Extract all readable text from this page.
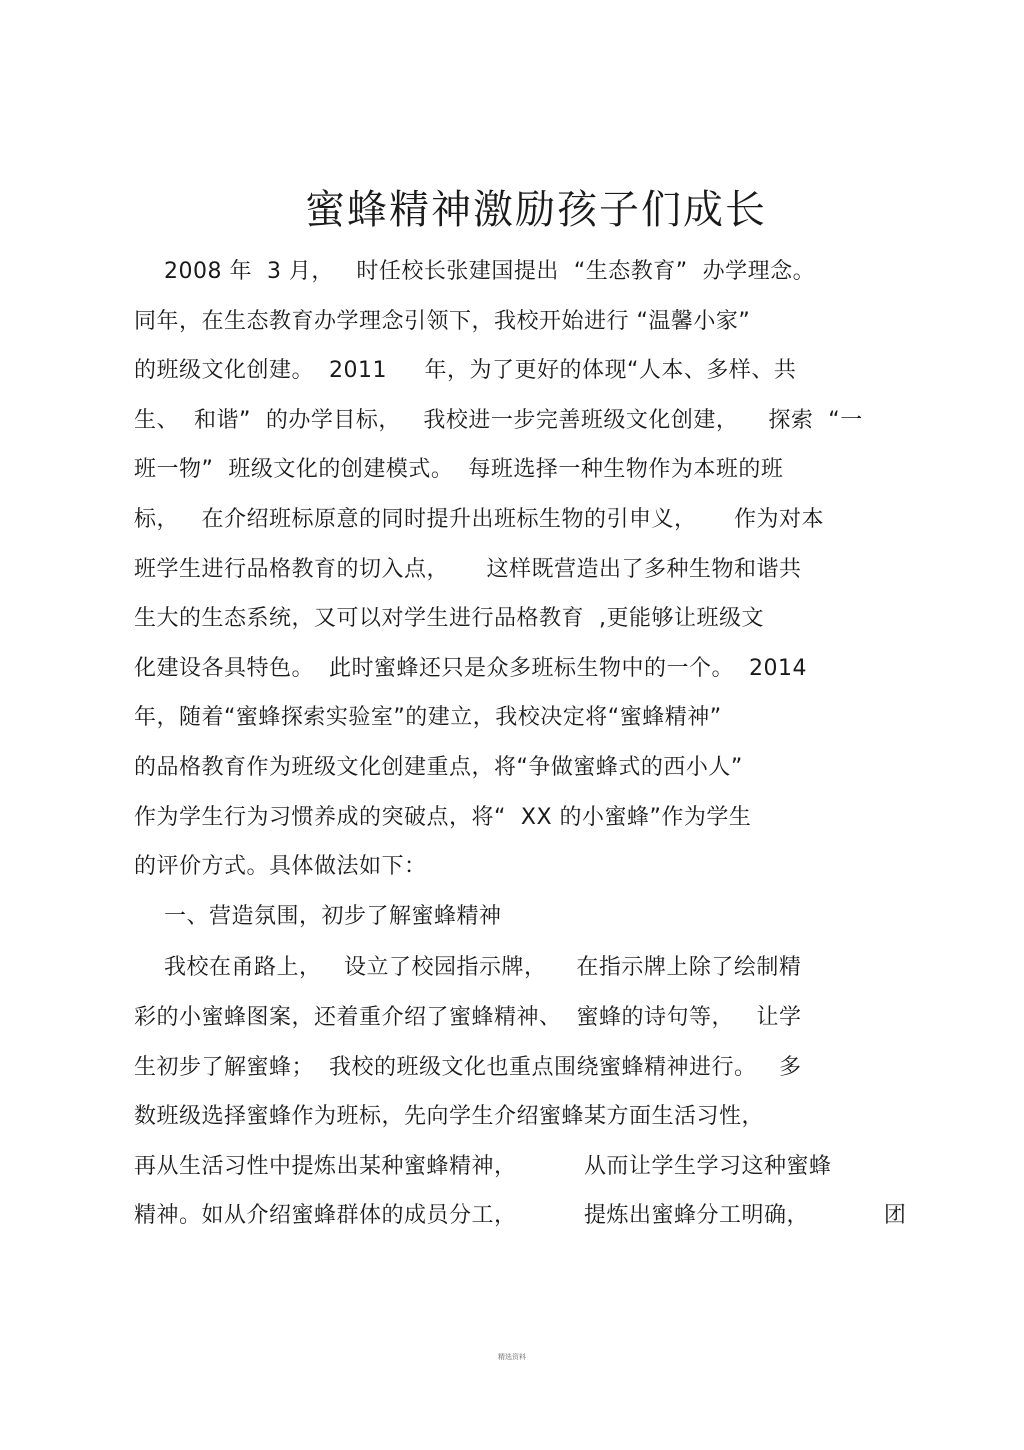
蜜蜂精神激励孩子们成长
2008 年  3 月，   时任校长张建国提出  “生态教育”  办学理念。
同年，在生态教育办学理念引领下，我校开始进行 “温馨小家”
的班级文化创建。  2011     年，为了更好的体现“人本、多样、共
生、  和谐”  的办学目标，   我校进一步完善班级文化创建，    探索  “一
班一物”  班级文化的创建模式。  每班选择一种生物作为本班的班
标，   在介绍班标原意的同时提升出班标生物的引申义，     作为对本
班学生进行品格教育的切入点，     这样既营造出了多种生物和谐共
生大的生态系统，又可以对学生进行品格教育  ,更能够让班级文
化建设各具特色。  此时蜜蜂还只是众多班标生物中的一个。  2014
年，随着“蜜蜂探索实验室”的建立，我校决定将“蜜蜂精神”
的品格教育作为班级文化创建重点，将“争做蜜蜂式的西小人”
作为学生行为习惯养成的突破点，将“  XX 的小蜜蜂”作为学生
的评价方式。具体做法如下：
一、营造氛围，初步了解蜜蜂精神
我校在甬路上，   设立了校园指示牌，    在指示牌上除了绘制精
彩的小蜜蜂图案，还着重介绍了蜜蜂精神、  蜜蜂的诗句等，   让学
生初步了解蜜蜂；  我校的班级文化也重点围绕蜜蜂精神进行。   多
数班级选择蜜蜂作为班标，先向学生介绍蜜蜂某方面生活习性，
再从生活习性中提炼出某种蜜蜂精神，         从而让学生学习这种蜜蜂
精神。如从介绍蜜蜂群体的成员分工，         提炼出蜜蜂分工明确，          团
精选资料
